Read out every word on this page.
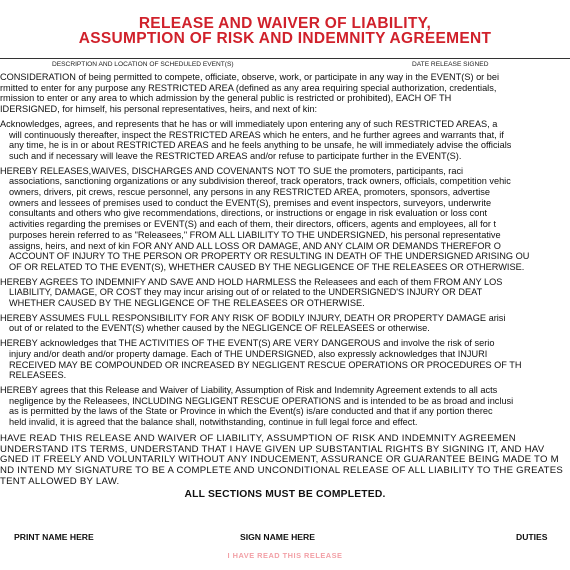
RELEASE AND WAIVER OF LIABILITY,
ASSUMPTION OF RISK AND INDEMNITY AGREEMENT
DESCRIPTION AND LOCATION OF SCHEDULED EVENT(S)	DATE RELEASE SIGNED
CONSIDERATION of being permitted to compete, officiate, observe, work, or participate in any way in the EVENT(S) or bei
rmitted to enter for any purpose any RESTRICTED AREA (defined as any area requiring special authorization, credentials,
rmission to enter or any area to which admission by the general public is restricted or prohibited), EACH OF TH
IDERSIGNED, for himself, his personal representatives, heirs, and next of kin:
Acknowledges, agrees, and represents that he has or will immediately upon entering any of such RESTRICTED AREAS, a
will continuously thereafter, inspect the RESTRICTED AREAS which he enters, and he further agrees and warrants that, if
any time, he is in or about RESTRICTED AREAS and he feels anything to be unsafe, he will immediately advise the officials
such and if necessary will leave the RESTRICTED AREAS and/or refuse to participate further in the EVENT(S).
HEREBY RELEASES,WAIVES, DISCHARGES AND COVENANTS NOT TO SUE the promoters, participants, raci
associations, sanctioning organizations or any subdivision thereof, track operators, track owners, officials, competition vehic
owners, drivers, pit crews, rescue personnel, any persons in any RESTRICTED AREA, promoters, sponsors, advertise
owners and lessees of premises used to conduct the EVENT(S), premises and event inspectors, surveyors, underwrite
consultants and others who give recommendations, directions, or instructions or engage in risk evaluation or loss cont
activities regarding the premises or EVENT(S) and each of them, their directors, officers, agents and employees, all for t
purposes herein referred to as "Releasees," FROM ALL LIABILITY TO THE UNDERSIGNED, his personal representative
assigns, heirs, and next of kin FOR ANY AND ALL LOSS OR DAMAGE, AND ANY CLAIM OR DEMANDS THEREFOR O
ACCOUNT OF INJURY TO THE PERSON OR PROPERTY OR RESULTING IN DEATH OF THE UNDERSIGNED ARISING OU
OF OR RELATED TO THE EVENT(S), WHETHER CAUSED BY THE NEGLIGENCE OF THE RELEASEES OR OTHERWISE.
HEREBY AGREES TO INDEMNIFY AND SAVE AND HOLD HARMLESS the Releasees and each of them FROM ANY LOS
LIABILITY, DAMAGE, OR COST they may incur arising out of or related to the UNDERSIGNED'S INJURY OR DEAT
WHETHER CAUSED BY THE NEGLIGENCE OF THE RELEASEES OR OTHERWISE.
HEREBY ASSUMES FULL RESPONSIBILITY FOR ANY RISK OF BODILY INJURY, DEATH OR PROPERTY DAMAGE arisi
out of or related to the EVENT(S) whether caused by the NEGLIGENCE OF RELEASEES or otherwise.
HEREBY acknowledges that THE ACTIVITIES OF THE EVENT(S) ARE VERY DANGEROUS and involve the risk of serio
injury and/or death and/or property damage. Each of THE UNDERSIGNED, also expressly acknowledges that INJURI
RECEIVED MAY BE COMPOUNDED OR INCREASED BY NEGLIGENT RESCUE OPERATIONS OR PROCEDURES OF TH
RELEASEES.
HEREBY agrees that this Release and Waiver of Liability, Assumption of Risk and Indemnity Agreement extends to all acts
negligence by the Releasees, INCLUDING NEGLIGENT RESCUE OPERATIONS and is intended to be as broad and inclusi
as is permitted by the laws of the State or Province in which the Event(s) is/are conducted and that if any portion therec
held invalid, it is agreed that the balance shall, notwithstanding, continue in full legal force and effect.
HAVE READ THIS RELEASE AND WAIVER OF LIABILITY, ASSUMPTION OF RISK AND INDEMNITY AGREEMEN
UNDERSTAND ITS TERMS, UNDERSTAND THAT I HAVE GIVEN UP SUBSTANTIAL RIGHTS BY SIGNING IT, AND HAV
GNED IT FREELY AND VOLUNTARILY WITHOUT ANY INDUCEMENT, ASSURANCE OR GUARANTEE BEING MADE TO M
ND INTEND MY SIGNATURE TO BE A COMPLETE AND UNCONDITIONAL RELEASE OF ALL LIABILITY TO THE GREATES
TENT ALLOWED BY LAW.
ALL SECTIONS MUST BE COMPLETED.
PRINT NAME HERE	SIGN NAME HERE	DUTIES
I HAVE READ THIS RELEASE
